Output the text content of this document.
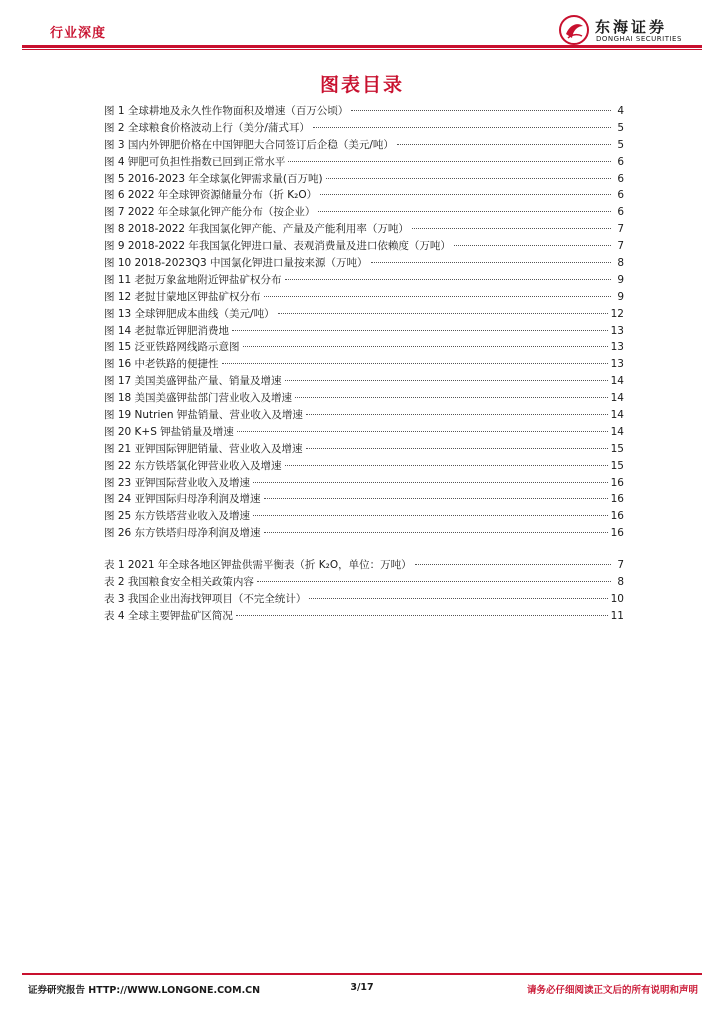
行业深度	东海证券
DONGHAI SECURITIES
图表目录
图 1 全球耕地及永久性作物面积及增速（百万公顷）	4
图 2 全球粮食价格波动上行（美分/蒲式耳）	5
图 3 国内外钾肥价格在中国钾肥大合同签订后企稳（美元/吨）	5
图 4 钾肥可负担性指数已回到正常水平	6
图 5 2016-2023 年全球氯化钾需求量(百万吨)	6
图 6 2022 年全球钾资源储量分布（折 K₂O）	6
图 7 2022 年全球氯化钾产能分布（按企业）	6
图 8 2018-2022 年我国氯化钾产能、产量及产能利用率（万吨）	7
图 9 2018-2022 年我国氯化钾进口量、表观消费量及进口依赖度（万吨）	7
图 10 2018-2023Q3 中国氯化钾进口量按来源（万吨）	8
图 11 老挝万象盆地附近钾盐矿权分布	9
图 12 老挝甘蒙地区钾盐矿权分布	9
图 13 全球钾肥成本曲线（美元/吨）	12
图 14 老挝靠近钾肥消费地	13
图 15 泛亚铁路网线路示意图	13
图 16 中老铁路的便捷性	13
图 17 美国美盛钾盐产量、销量及增速	14
图 18 美国美盛钾盐部门营业收入及增速	14
图 19 Nutrien 钾盐销量、营业收入及增速	14
图 20 K+S 钾盐销量及增速	14
图 21 亚钾国际钾肥销量、营业收入及增速	15
图 22 东方铁塔氯化钾营业收入及增速	15
图 23 亚钾国际营业收入及增速	16
图 24 亚钾国际归母净利润及增速	16
图 25 东方铁塔营业收入及增速	16
图 26 东方铁塔归母净利润及增速	16
表 1 2021 年全球各地区钾盐供需平衡表（折 K₂O，单位：万吨）	7
表 2 我国粮食安全相关政策内容	8
表 3 我国企业出海找钾项目（不完全统计）	10
表 4 全球主要钾盐矿区简况	11
证券研究报告 HTTP://WWW.LONGONE.COM.CN	3/17	请务必仔细阅读正文后的所有说明和声明
